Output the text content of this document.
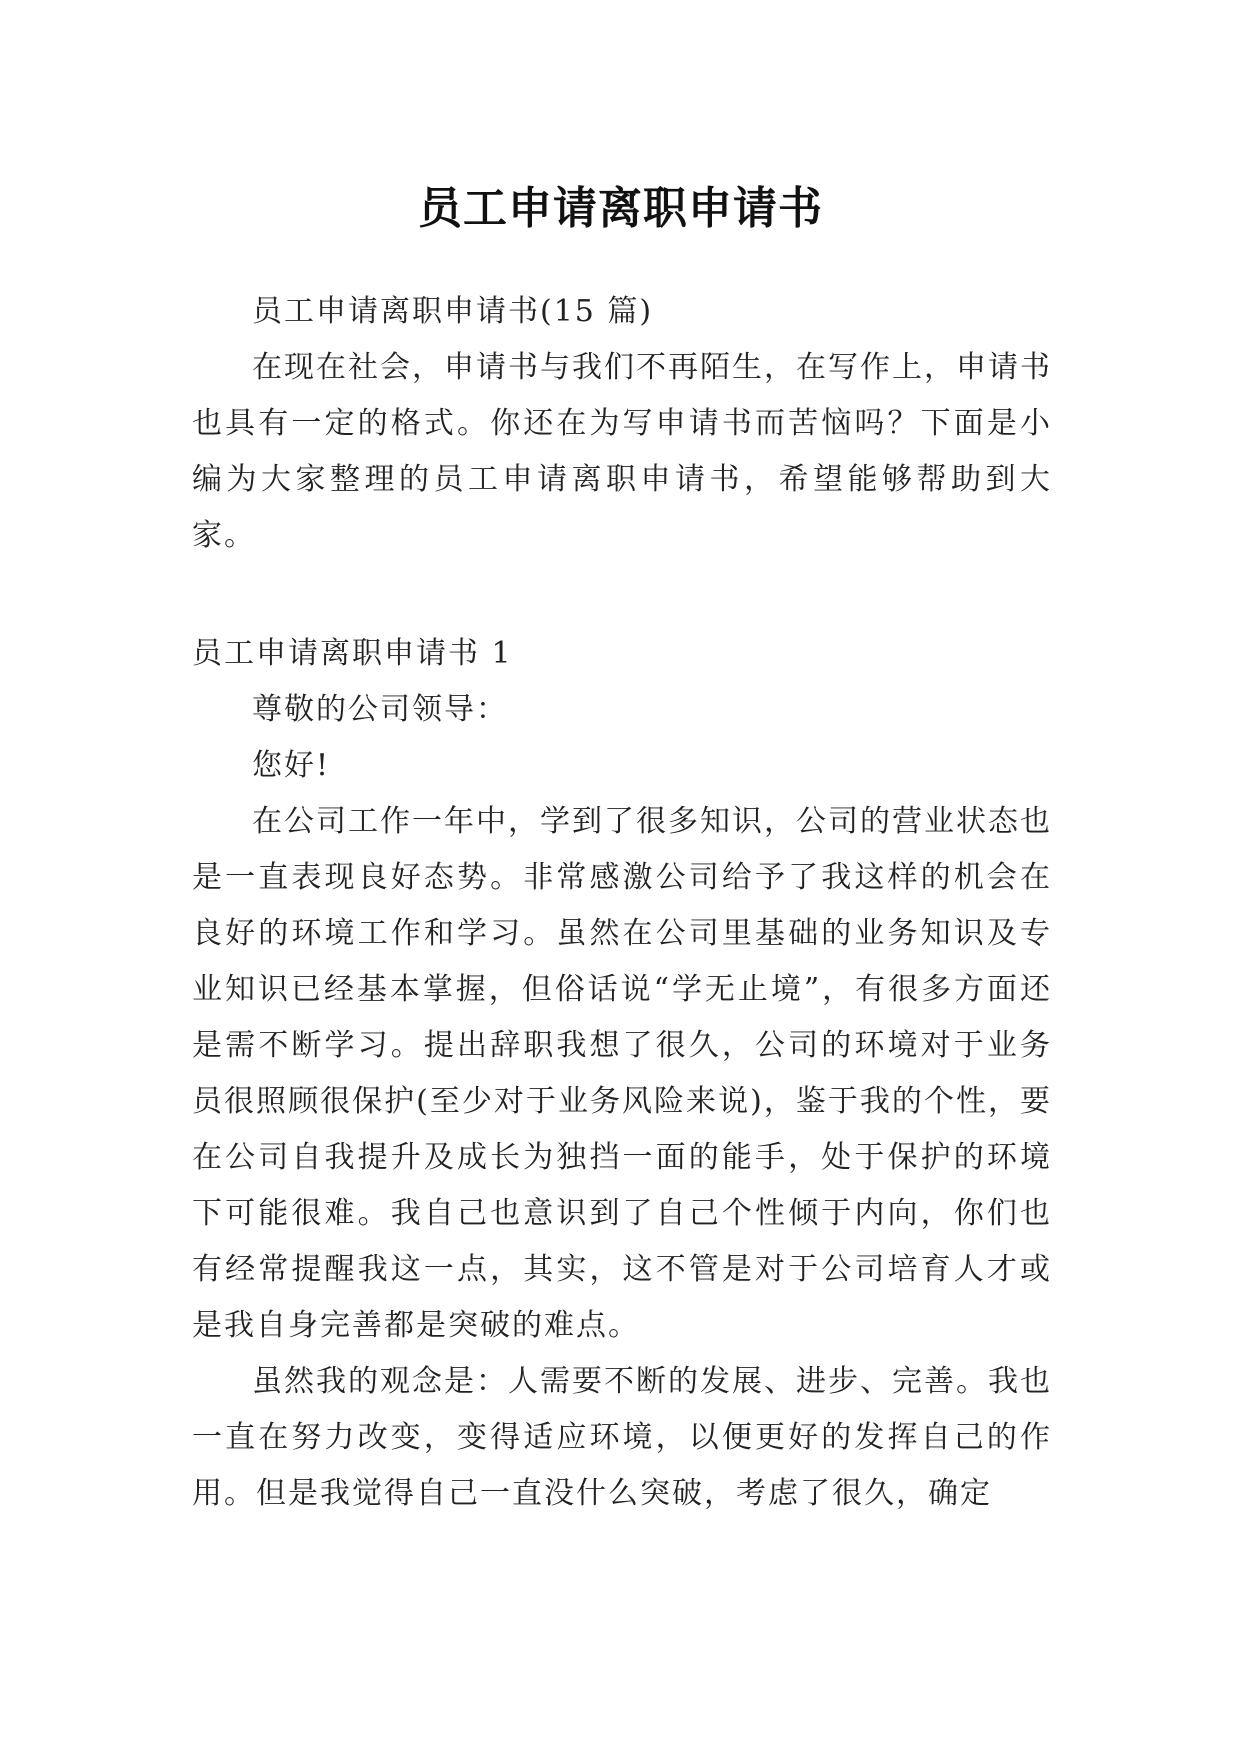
员工申请离职申请书

员工申请离职申请书(15 篇)

在现在社会，申请书与我们不再陌生，在写作上，申请书也具有一定的格式。你还在为写申请书而苦恼吗？下面是小编为大家整理的员工申请离职申请书，希望能够帮助到大家。

员工申请离职申请书 1

尊敬的公司领导：

您好!

在公司工作一年中，学到了很多知识，公司的营业状态也是一直表现良好态势。非常感激公司给予了我这样的机会在良好的环境工作和学习。虽然在公司里基础的业务知识及专业知识已经基本掌握，但俗话说“学无止境”，有很多方面还是需不断学习。提出辞职我想了很久，公司的环境对于业务员很照顾很保护(至少对于业务风险来说)，鉴于我的个性，要在公司自我提升及成长为独挡一面的能手，处于保护的环境下可能很难。我自己也意识到了自己个性倾于内向，你们也有经常提醒我这一点，其实，这不管是对于公司培育人才或是我自身完善都是突破的难点。

虽然我的观念是：人需要不断的发展、进步、完善。我也一直在努力改变，变得适应环境，以便更好的发挥自己的作用。但是我觉得自己一直没什么突破，考虑了很久，确定
